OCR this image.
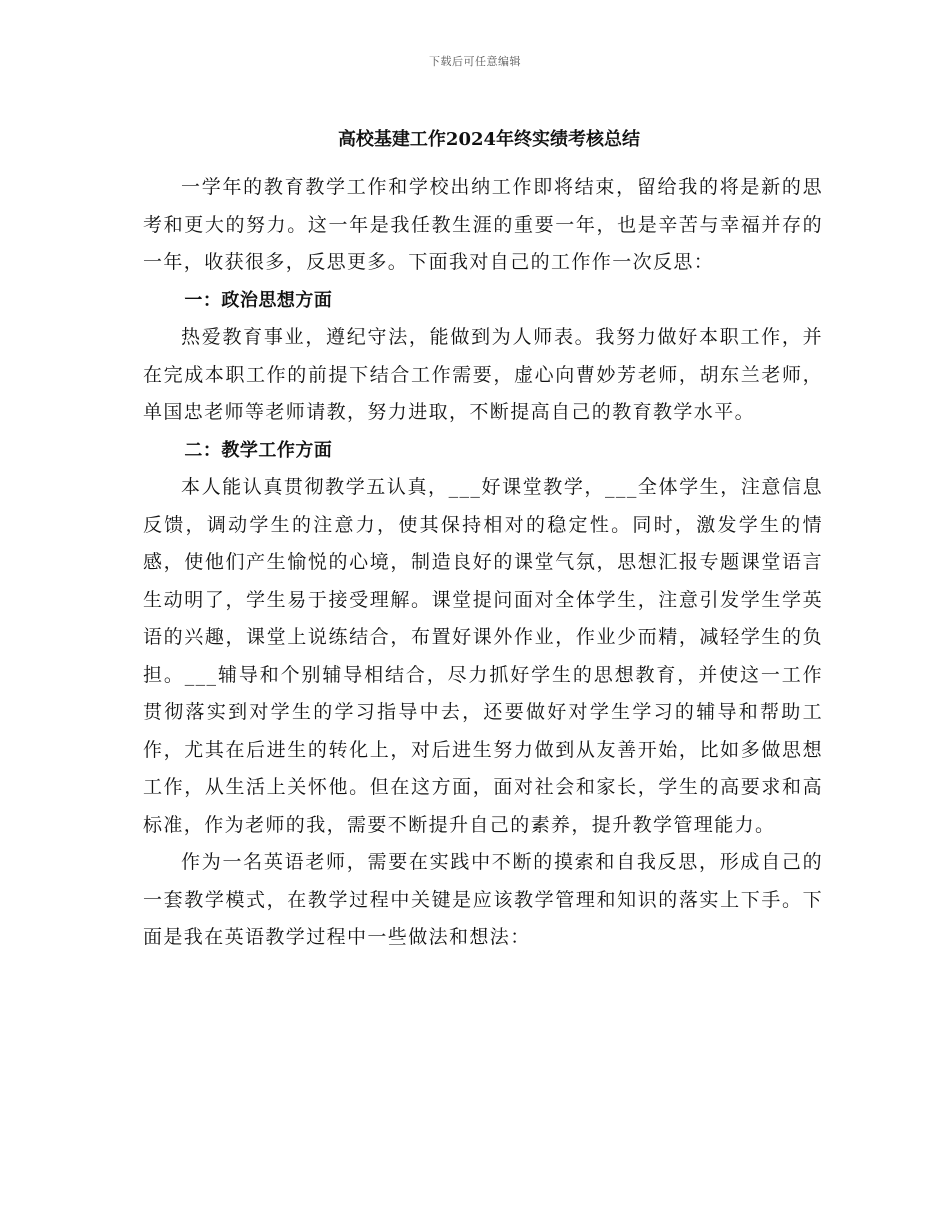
下载后可任意编辑
高校基建工作2024年终实绩考核总结

一学年的教育教学工作和学校出纳工作即将结束，留给我的将是新的思考和更大的努力。这一年是我任教生涯的重要一年，也是辛苦与幸福并存的一年，收获很多，反思更多。下面我对自己的工作作一次反思：

一：政治思想方面

热爱教育事业，遵纪守法，能做到为人师表。我努力做好本职工作，并在完成本职工作的前提下结合工作需要，虚心向曹妙芳老师，胡东兰老师，单国忠老师等老师请教，努力进取，不断提高自己的教育教学水平。

二：教学工作方面

本人能认真贯彻教学五认真，___好课堂教学，___全体学生，注意信息反馈，调动学生的注意力，使其保持相对的稳定性。同时，激发学生的情感，使他们产生愉悦的心境，制造良好的课堂气氛，思想汇报专题课堂语言生动明了，学生易于接受理解。课堂提问面对全体学生，注意引发学生学英语的兴趣，课堂上说练结合，布置好课外作业，作业少而精，减轻学生的负担。___辅导和个别辅导相结合，尽力抓好学生的思想教育，并使这一工作贯彻落实到对学生的学习指导中去，还要做好对学生学习的辅导和帮助工作，尤其在后进生的转化上，对后进生努力做到从友善开始，比如多做思想工作，从生活上关怀他。但在这方面，面对社会和家长，学生的高要求和高标准，作为老师的我，需要不断提升自己的素养，提升教学管理能力。

作为一名英语老师，需要在实践中不断的摸索和自我反思，形成自己的一套教学模式，在教学过程中关键是应该教学管理和知识的落实上下手。下面是我在英语教学过程中一些做法和想法：
